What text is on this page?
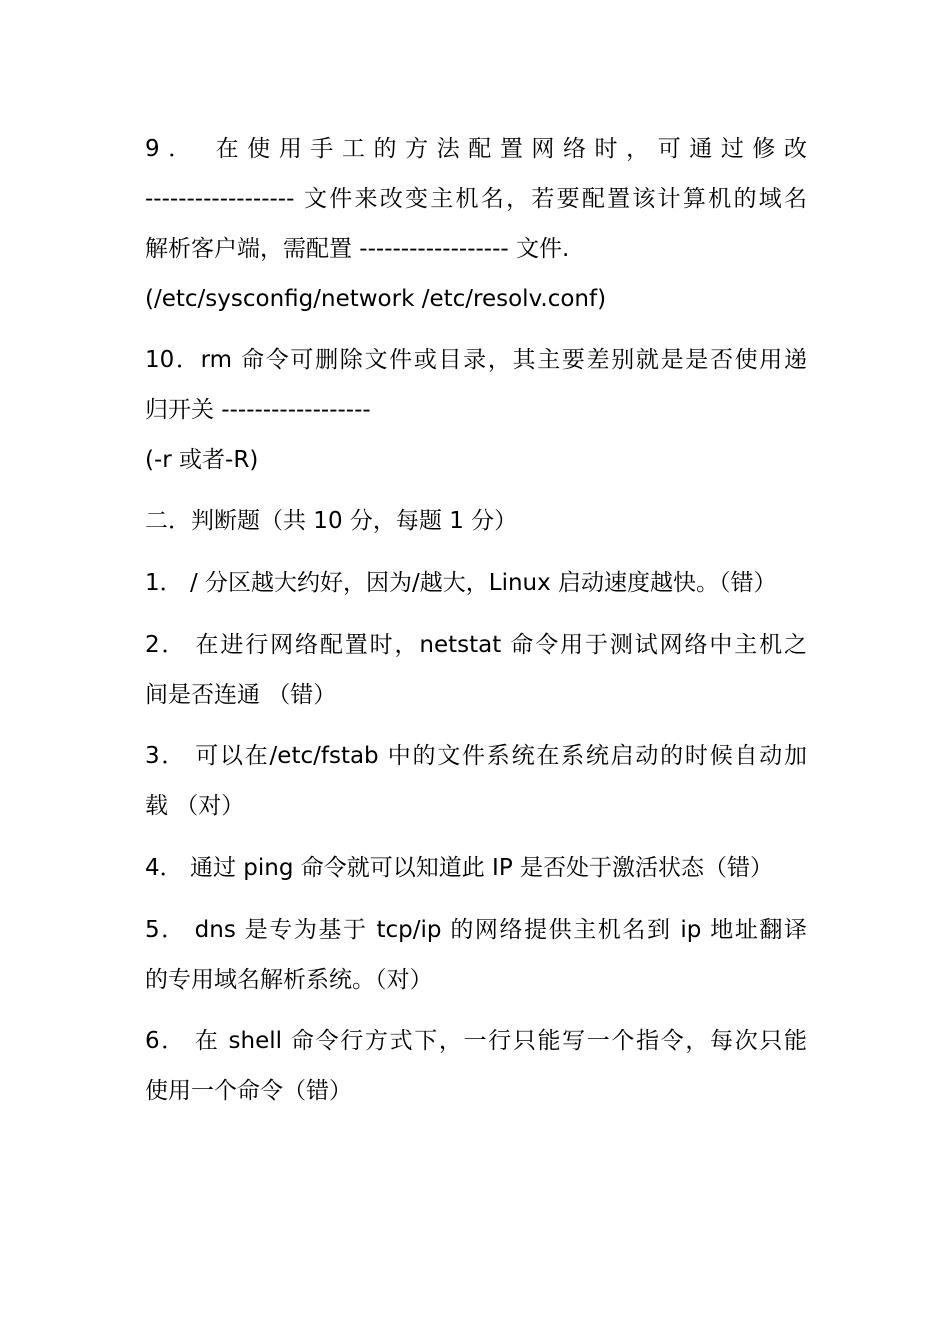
9． 在使用手工的方法配置网络时，可通过修改

------------------ 文件来改变主机名，若要配置该计算机的域名

解析客户端，需配置 ------------------ 文件.

(/etc/sysconfig/network /etc/resolv.conf)

10．rm 命令可删除文件或目录，其主要差别就是是否使用递

归开关 ------------------

(-r 或者-R)

二．判断题（共 10 分，每题 1 分）

1． / 分区越大约好，因为/越大，Linux 启动速度越快。（错）

2． 在进行网络配置时，netstat 命令用于测试网络中主机之

间是否连通 （错）

3． 可以在/etc/fstab 中的文件系统在系统启动的时候自动加

载 （对）

4． 通过 ping 命令就可以知道此 IP 是否处于激活状态（错）

5． dns 是专为基于 tcp/ip 的网络提供主机名到 ip 地址翻译

的专用域名解析系统。（对）

6． 在 shell 命令行方式下，一行只能写一个指令，每次只能

使用一个命令（错）
